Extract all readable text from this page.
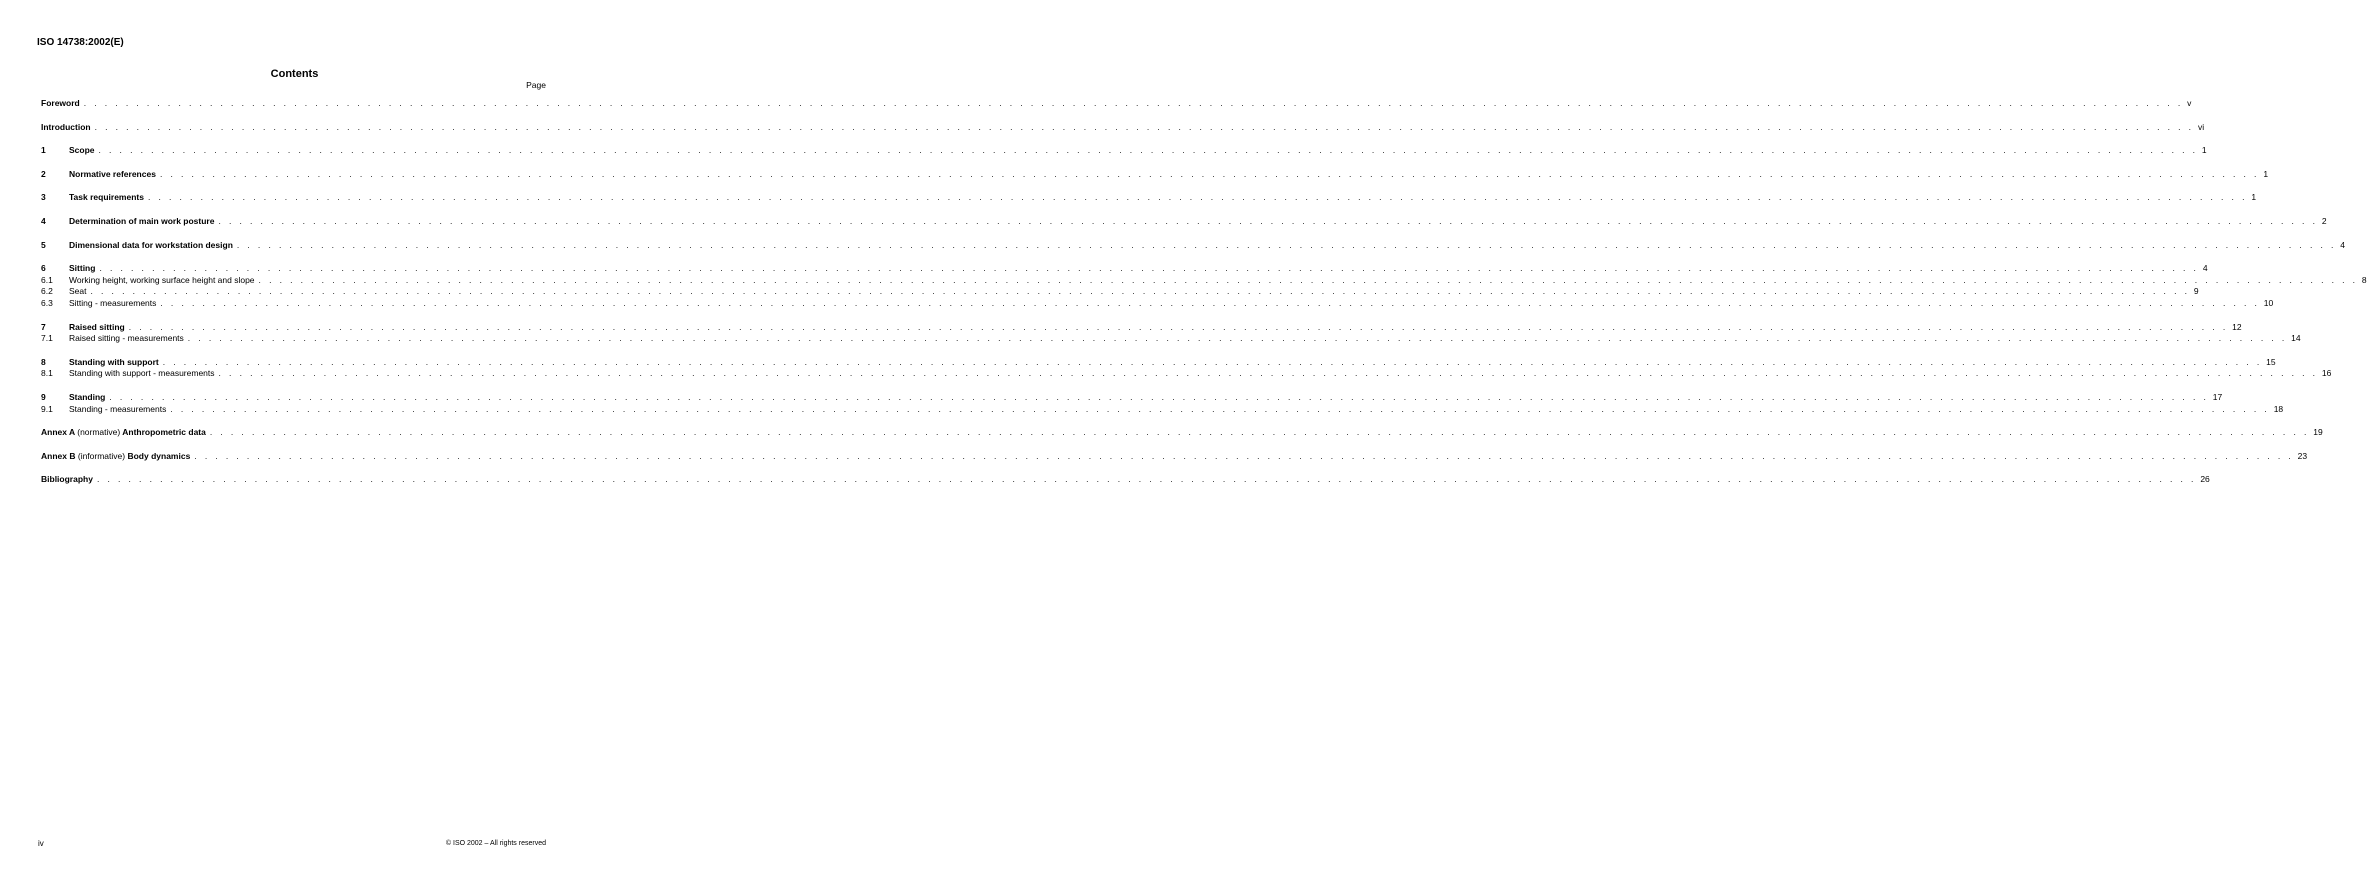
ISO 14738:2002(E)
Contents
Page
Foreword . . . . . . . . . . . . . . . . . . . . . . . . . . . . . . . . . . . . . . . . . . . . . . . . . . . . . . . . . . . . . . . . . . . . . . . . . . . . . . . . . . . . . . . . . . . . . . . . . . . . . . . . . . . . . . . . . . . . . . . . . . . . . . . . . . . . . . . . . . . . . . . . . . . . . . . . . . . . . . . . . . . . . . . . . . . . . . . . . . . . . . . . . . . . . . . . . . . . . . . . v
Introduction . . . . . . . . . . . . . . . . . . . . . . . . . . . . . . . . . . . . . . . . . . . . . . . . . . . . . . . . . . . . . . . . . . . . . . . . . . . . . . . . . . . . . . . . . . . . . . . . . . . . . . . . . . . . . . . . . . . . . . . . . . . . . . . . . . . . . . . . . . . . . . . . . . . . . . . . . . . . . . . . . . . . . . . . . . . . . . . . . . . . . . . . . . . . . . . . . . . . . . . . vi
1	Scope . . . . . . . . . . . . . . . . . . . . . . . . . . . . . . . . . . . . . . . . . . . . . . . . . . . . . . . . . . . . . . . . . . . . . . . . . . . . . . . . . . . . . . . . . . . . . . . . . . . . . . . . . . . . . . . . . . . . . . . . . . . . . . . . . . . . . . . . . . . . . . . . . . . . . . . . . . . . . . . . . . . . . . . . . . . . . . . . . . . . . . . . . . . . . . . . . . . . . . . . 1
2	Normative references . . . . . . . . . . . . . . . . . . . . . . . . . . . . . . . . . . . . . . . . . . . . . . . . . . . . . . . . . . . . . . . . . . . . . . . . . . . . . . . . . . . . . . . . . . . . . . . . . . . . . . . . . . . . . . . . . . . . . . . . . . . . . . . . . . . . . . . . . . . . . . . . . . . . . . . . . . . . . . . . . . . . . . . . . . . . . . . . . . . . . . . . . . . . . . . . . . . . . . . . 1
3	Task requirements . . . . . . . . . . . . . . . . . . . . . . . . . . . . . . . . . . . . . . . . . . . . . . . . . . . . . . . . . . . . . . . . . . . . . . . . . . . . . . . . . . . . . . . . . . . . . . . . . . . . . . . . . . . . . . . . . . . . . . . . . . . . . . . . . . . . . . . . . . . . . . . . . . . . . . . . . . . . . . . . . . . . . . . . . . . . . . . . . . . . . . . . . . . . . . . . . . . . . . . . 1
4	Determination of main work posture . . . . . . . . . . . . . . . . . . . . . . . . . . . . . . . . . . . . . . . . . . . . . . . . . . . . . . . . . . . . . . . . . . . . . . . . . . . . . . . . . . . . . . . . . . . . . . . . . . . . . . . . . . . . . . . . . . . . . . . . . . . . . . . . . . . . . . . . . . . . . . . . . . . . . . . . . . . . . . . . . . . . . . . . . . . . . . . . . . . . . . . . . . . . . . . . . . . . . . . . 2
5	Dimensional data for workstation design . . . . . . . . . . . . . . . . . . . . . . . . . . . . . . . . . . . . . . . . . . . . . . . . . . . . . . . . . . . . . . . . . . . . . . . . . . . . . . . . . . . . . . . . . . . . . . . . . . . . . . . . . . . . . . . . . . . . . . . . . . . . . . . . . . . . . . . . . . . . . . . . . . . . . . . . . . . . . . . . . . . . . . . . . . . . . . . . . . . . . . . . . . . . . . . . . . . . . . . . 4
6	Sitting . . . . . . . . . . . . . . . . . . . . . . . . . . . . . . . . . . . . . . . . . . . . . . . . . . . . . . . . . . . . . . . . . . . . . . . . . . . . . . . . . . . . . . . . . . . . . . . . . . . . . . . . . . . . . . . . . . . . . . . . . . . . . . . . . . . . . . . . . . . . . . . . . . . . . . . . . . . . . . . . . . . . . . . . . . . . . . . . . . . . . . . . . . . . . . . . . . . . . . . . 4
6.1	Working height, working surface height and slope . . . . . . . . . . . . . . . . . . . . . . . . . . . . . . . . . . . . . . . . . . . . . . . . . . . . . . . . . . . . . . . . . . . . . . . . . . . . . . . . . . . . . . . . . . . . . . . . . . . . . . . . . . . . . . . . . . . . . . . . . . . . . . . . . . . . . . . . . . . . . . . . . . . . . . . . . . . . . . . . . . . . . . . . . . . . . . . . . . . . . . . . . . . . . . . . . . . . . . . . 8
6.2	Seat . . . . . . . . . . . . . . . . . . . . . . . . . . . . . . . . . . . . . . . . . . . . . . . . . . . . . . . . . . . . . . . . . . . . . . . . . . . . . . . . . . . . . . . . . . . . . . . . . . . . . . . . . . . . . . . . . . . . . . . . . . . . . . . . . . . . . . . . . . . . . . . . . . . . . . . . . . . . . . . . . . . . . . . . . . . . . . . . . . . . . . . . . . . . . . . . . . . . . . . . 9
6.3	Sitting - measurements . . . . . . . . . . . . . . . . . . . . . . . . . . . . . . . . . . . . . . . . . . . . . . . . . . . . . . . . . . . . . . . . . . . . . . . . . . . . . . . . . . . . . . . . . . . . . . . . . . . . . . . . . . . . . . . . . . . . . . . . . . . . . . . . . . . . . . . . . . . . . . . . . . . . . . . . . . . . . . . . . . . . . . . . . . . . . . . . . . . . . . . . . . . . . . . . . . . . . . . . 10
7	Raised sitting . . . . . . . . . . . . . . . . . . . . . . . . . . . . . . . . . . . . . . . . . . . . . . . . . . . . . . . . . . . . . . . . . . . . . . . . . . . . . . . . . . . . . . . . . . . . . . . . . . . . . . . . . . . . . . . . . . . . . . . . . . . . . . . . . . . . . . . . . . . . . . . . . . . . . . . . . . . . . . . . . . . . . . . . . . . . . . . . . . . . . . . . . . . . . . . . . . . . . . . . 12
7.1	Raised sitting - measurements . . . . . . . . . . . . . . . . . . . . . . . . . . . . . . . . . . . . . . . . . . . . . . . . . . . . . . . . . . . . . . . . . . . . . . . . . . . . . . . . . . . . . . . . . . . . . . . . . . . . . . . . . . . . . . . . . . . . . . . . . . . . . . . . . . . . . . . . . . . . . . . . . . . . . . . . . . . . . . . . . . . . . . . . . . . . . . . . . . . . . . . . . . . . . . . . . . . . . . . . 14
8	Standing with support . . . . . . . . . . . . . . . . . . . . . . . . . . . . . . . . . . . . . . . . . . . . . . . . . . . . . . . . . . . . . . . . . . . . . . . . . . . . . . . . . . . . . . . . . . . . . . . . . . . . . . . . . . . . . . . . . . . . . . . . . . . . . . . . . . . . . . . . . . . . . . . . . . . . . . . . . . . . . . . . . . . . . . . . . . . . . . . . . . . . . . . . . . . . . . . . . . . . . . . . 15
8.1	Standing with support - measurements . . . . . . . . . . . . . . . . . . . . . . . . . . . . . . . . . . . . . . . . . . . . . . . . . . . . . . . . . . . . . . . . . . . . . . . . . . . . . . . . . . . . . . . . . . . . . . . . . . . . . . . . . . . . . . . . . . . . . . . . . . . . . . . . . . . . . . . . . . . . . . . . . . . . . . . . . . . . . . . . . . . . . . . . . . . . . . . . . . . . . . . . . . . . . . . . . . . . . . . . 16
9	Standing . . . . . . . . . . . . . . . . . . . . . . . . . . . . . . . . . . . . . . . . . . . . . . . . . . . . . . . . . . . . . . . . . . . . . . . . . . . . . . . . . . . . . . . . . . . . . . . . . . . . . . . . . . . . . . . . . . . . . . . . . . . . . . . . . . . . . . . . . . . . . . . . . . . . . . . . . . . . . . . . . . . . . . . . . . . . . . . . . . . . . . . . . . . . . . . . . . . . . . . . 17
9.1	Standing - measurements . . . . . . . . . . . . . . . . . . . . . . . . . . . . . . . . . . . . . . . . . . . . . . . . . . . . . . . . . . . . . . . . . . . . . . . . . . . . . . . . . . . . . . . . . . . . . . . . . . . . . . . . . . . . . . . . . . . . . . . . . . . . . . . . . . . . . . . . . . . . . . . . . . . . . . . . . . . . . . . . . . . . . . . . . . . . . . . . . . . . . . . . . . . . . . . . . . . . . . . . 18
Annex A (normative) Anthropometric data . . . . . . . . . . . . . . . . . . . . . . . . . . . . . . . . . . . . . . . . . . . . . . . . . . . . . . . . . . . . . . . . . . . . . . . . . . . . . . . . . . . . . . . . . . . . . . . . . . . . . . . . . . . . . . . . . . . . . . . . . . . . . . . . . . . . . . . . . . . . . . . . . . . . . . . . . . . . . . . . . . . . . . . . . . . . . . . . . . . . . . . . . . . . . . . . . . . . . . . . 19
Annex B (informative) Body dynamics . . . . . . . . . . . . . . . . . . . . . . . . . . . . . . . . . . . . . . . . . . . . . . . . . . . . . . . . . . . . . . . . . . . . . . . . . . . . . . . . . . . . . . . . . . . . . . . . . . . . . . . . . . . . . . . . . . . . . . . . . . . . . . . . . . . . . . . . . . . . . . . . . . . . . . . . . . . . . . . . . . . . . . . . . . . . . . . . . . . . . . . . . . . . . . . . . . . . . . . . 23
Bibliography . . . . . . . . . . . . . . . . . . . . . . . . . . . . . . . . . . . . . . . . . . . . . . . . . . . . . . . . . . . . . . . . . . . . . . . . . . . . . . . . . . . . . . . . . . . . . . . . . . . . . . . . . . . . . . . . . . . . . . . . . . . . . . . . . . . . . . . . . . . . . . . . . . . . . . . . . . . . . . . . . . . . . . . . . . . . . . . . . . . . . . . . . . . . . . . . . . . . . . . . 26
iv	© ISO 2002 – All rights reserved
